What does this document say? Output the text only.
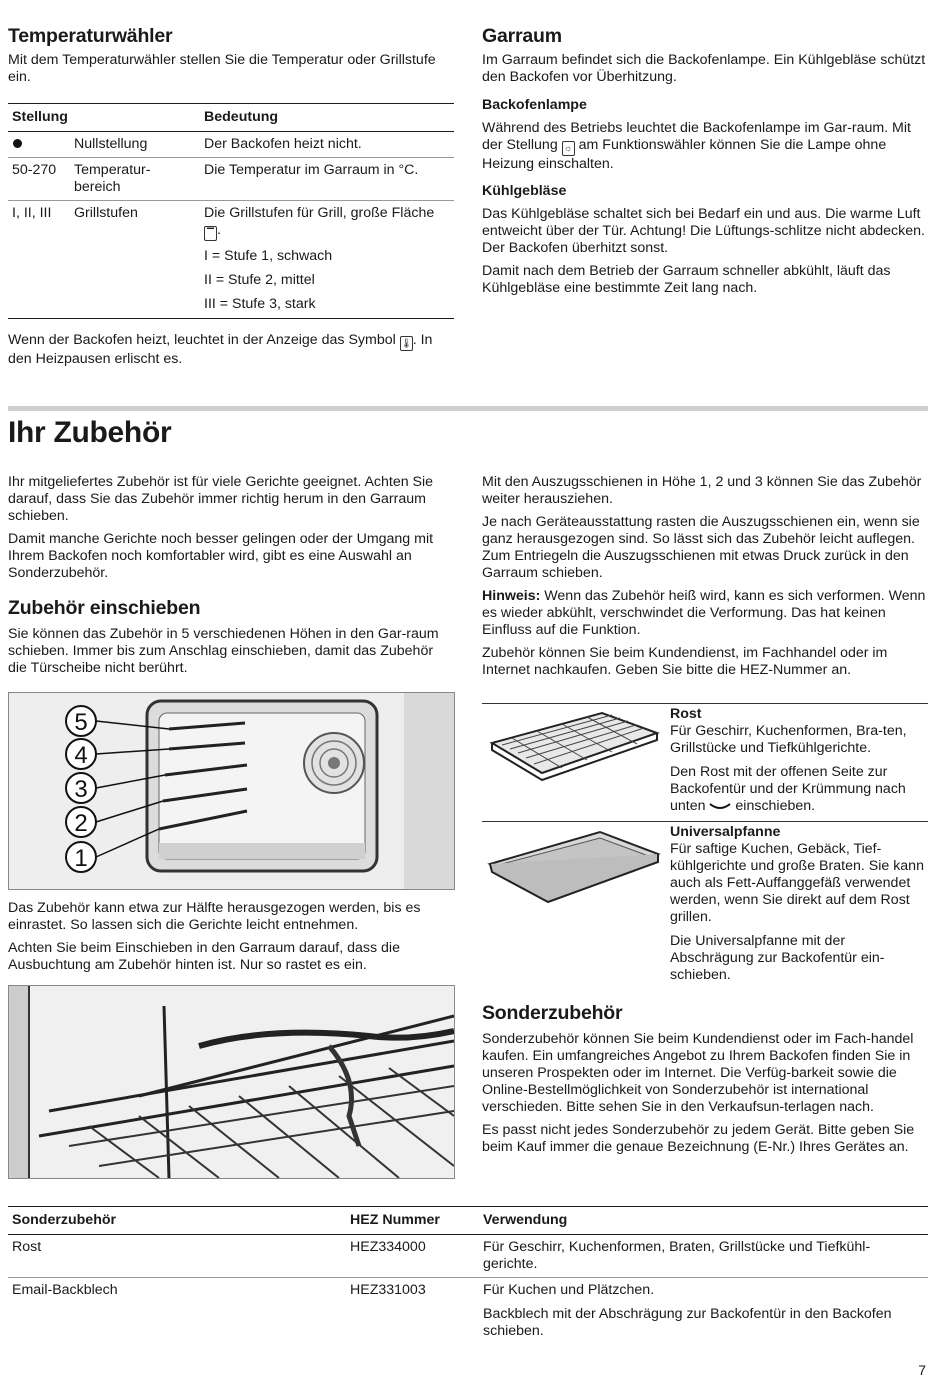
Temperaturwähler

Mit dem Temperaturwähler stellen Sie die Temperatur oder Grillstufe ein.

Stellung		Bedeutung
	Nullstellung	Der Backofen heizt nicht.
50-270	Temperatur-bereich	Die Temperatur im Garraum in °C.
I, II, III	Grillstufen	Die Grillstufen für Grill, große Fläche ▔ .
I = Stufe 1, schwach
II = Stufe 2, mittel
III = Stufe 3, stark

Wenn der Backofen heizt, leuchtet in der Anzeige das Symbol 🌡. In den Heizpausen erlischt es.

Garraum

Im Garraum befindet sich die Backofenlampe. Ein Kühlgebläse schützt den Backofen vor Überhitzung.

Backofenlampe

Während des Betriebs leuchtet die Backofenlampe im Gar-raum. Mit der Stellung ☼ am Funktionswähler können Sie die Lampe ohne Heizung einschalten.

Kühlgebläse

Das Kühlgebläse schaltet sich bei Bedarf ein und aus. Die warme Luft entweicht über der Tür. Achtung! Die Lüftungs-schlitze nicht abdecken. Der Backofen überhitzt sonst.

Damit nach dem Betrieb der Garraum schneller abkühlt, läuft das Kühlgebläse eine bestimmte Zeit lang nach.

Ihr Zubehör

Ihr mitgeliefertes Zubehör ist für viele Gerichte geeignet. Achten Sie darauf, dass Sie das Zubehör immer richtig herum in den Garraum schieben.

Damit manche Gerichte noch besser gelingen oder der Umgang mit Ihrem Backofen noch komfortabler wird, gibt es eine Auswahl an Sonderzubehör.

Zubehör einschieben

Sie können das Zubehör in 5 verschiedenen Höhen in den Gar-raum schieben. Immer bis zum Anschlag einschieben, damit das Zubehör die Türscheibe nicht berührt.

5
4
3
2
1

Das Zubehör kann etwa zur Hälfte herausgezogen werden, bis es einrastet. So lassen sich die Gerichte leicht entnehmen.

Achten Sie beim Einschieben in den Garraum darauf, dass die Ausbuchtung am Zubehör hinten ist. Nur so rastet es ein.

Mit den Auszugsschienen in Höhe 1, 2 und 3 können Sie das Zubehör weiter herausziehen.

Je nach Geräteausstattung rasten die Auszugsschienen ein, wenn sie ganz herausgezogen sind. So lässt sich das Zubehör leicht auflegen. Zum Entriegeln die Auszugsschienen mit etwas Druck zurück in den Garraum schieben.

Hinweis: Wenn das Zubehör heiß wird, kann es sich verformen. Wenn es wieder abkühlt, verschwindet die Verformung. Das hat keinen Einfluss auf die Funktion.

Zubehör können Sie beim Kundendienst, im Fachhandel oder im Internet nachkaufen. Geben Sie bitte die HEZ-Nummer an.

Rost

Für Geschirr, Kuchenformen, Bra-ten, Grillstücke und Tiefkühlgerichte.

Den Rost mit der offenen Seite zur Backofentür und der Krümmung nach unten einschieben.

Universalpfanne

Für saftige Kuchen, Gebäck, Tief-kühlgerichte und große Braten. Sie kann auch als Fett-Auffanggefäß verwendet werden, wenn Sie direkt auf dem Rost grillen.

Die Universalpfanne mit der Abschrägung zur Backofentür ein-schieben.

Sonderzubehör

Sonderzubehör können Sie beim Kundendienst oder im Fach-handel kaufen. Ein umfangreiches Angebot zu Ihrem Backofen finden Sie in unseren Prospekten oder im Internet. Die Verfüg-barkeit sowie die Online-Bestellmöglichkeit von Sonderzubehör ist international verschieden. Bitte sehen Sie in den Verkaufsun-terlagen nach.

Es passt nicht jedes Sonderzubehör zu jedem Gerät. Bitte geben Sie beim Kauf immer die genaue Bezeichnung (E-Nr.) Ihres Gerätes an.

Sonderzubehör	HEZ Nummer	Verwendung
Rost	HEZ334000	Für Geschirr, Kuchenformen, Braten, Grillstücke und Tiefkühl-gerichte.
Email-Backblech	HEZ331003	Für Kuchen und Plätzchen.
Backblech mit der Abschrägung zur Backofentür in den Backofen schieben.
7
